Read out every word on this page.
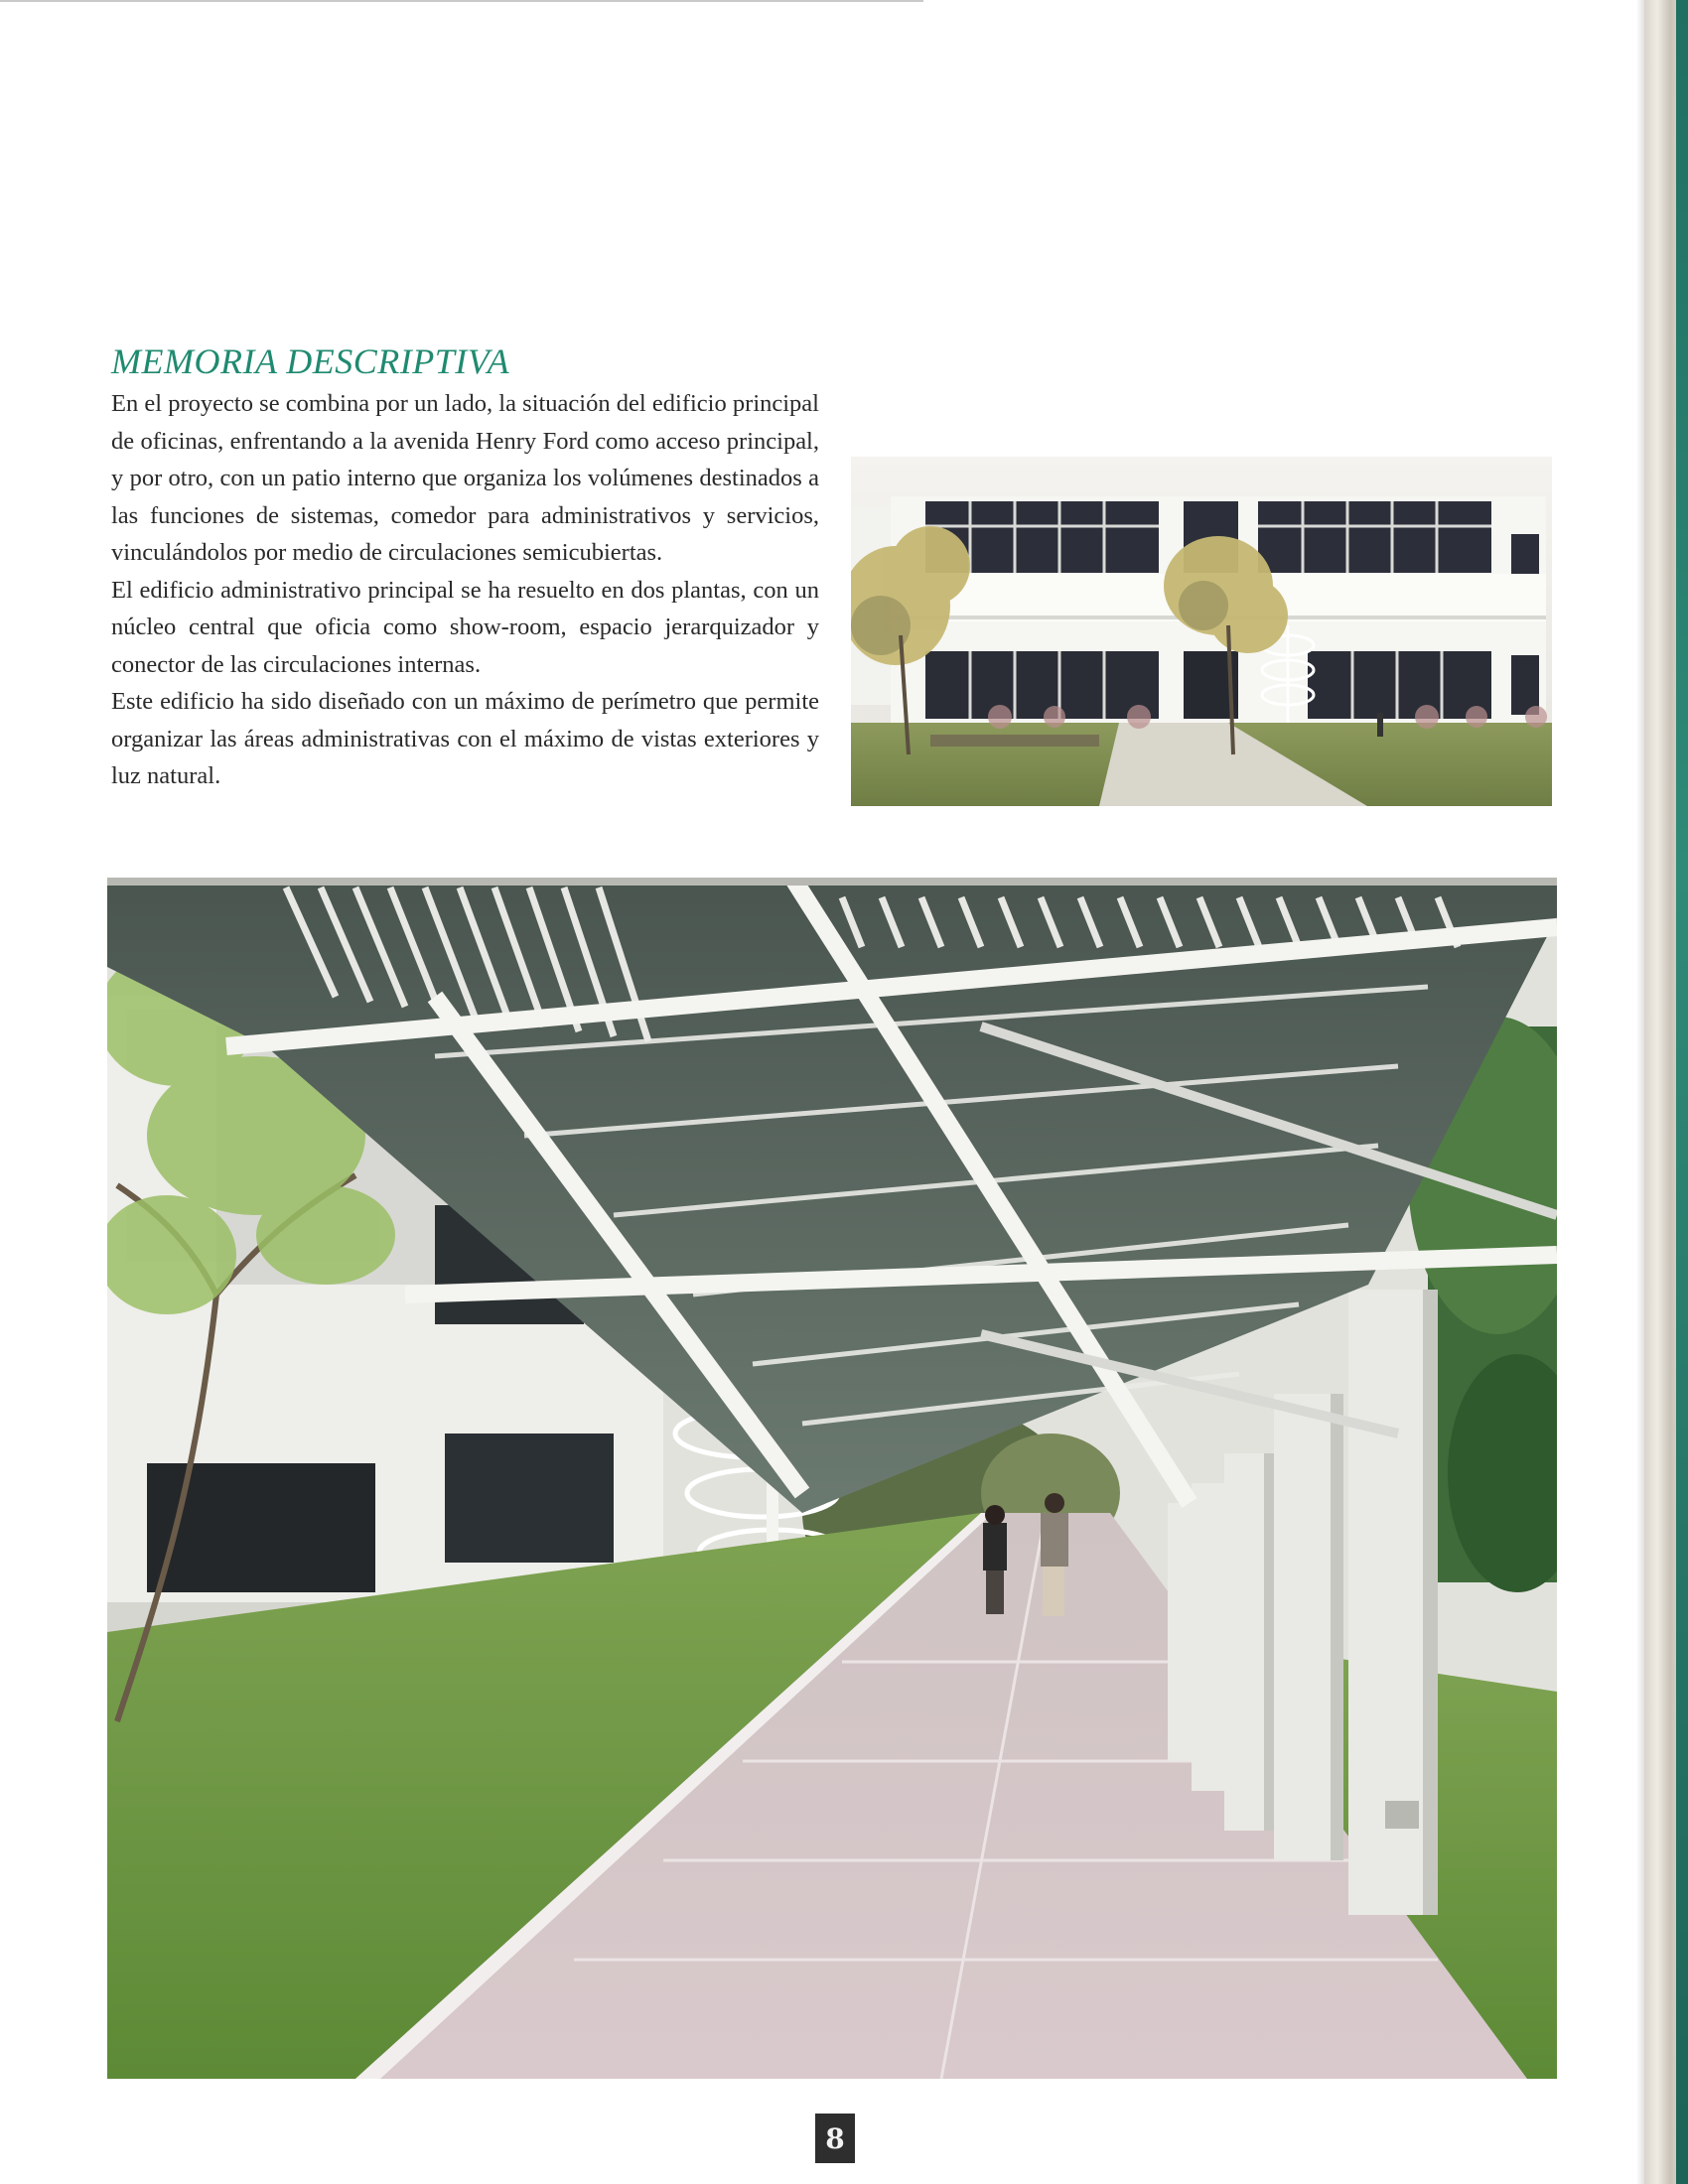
MEMORIA DESCRIPTIVA

En el proyecto se combina por un lado, la situación del edificio principal de oficinas, enfrentando a la avenida Henry Ford como acceso principal, y por otro, con un patio interno que organiza los volúmenes destinados a las funciones de sistemas, comedor para administrativos y servicios, vinculándolos por medio de circulaciones semicubiertas.

El edificio administrativo principal se ha resuelto en dos plantas, con un núcleo central que oficia como show-room, espacio jerarquizador y conector de las circulaciones internas.

Este edificio ha sido diseñado con un máximo de perímetro que permite organizar las áreas administrativas con el máximo de vistas exteriores y luz natural.

8
